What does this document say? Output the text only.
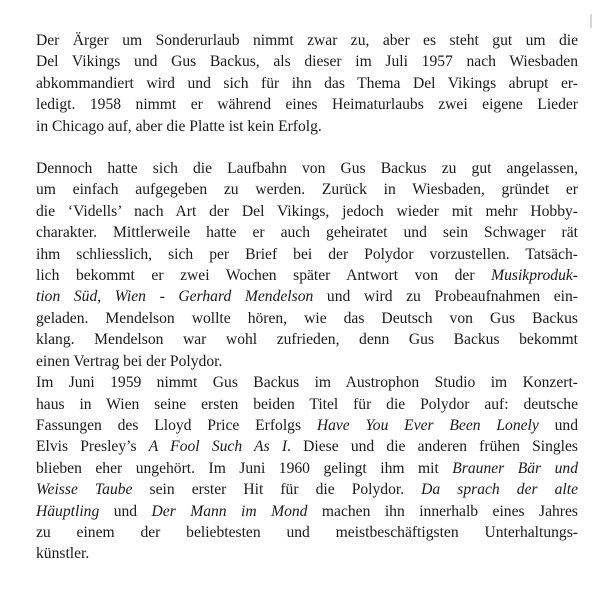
Der Ärger um Sonderurlaub nimmt zwar zu, aber es steht gut um die
Del Vikings und Gus Backus, als dieser im Juli 1957 nach Wiesbaden
abkommandiert wird und sich für ihn das Thema Del Vikings abrupt er-
ledigt. 1958 nimmt er während eines Heimaturlaubs zwei eigene Lieder
in Chicago auf, aber die Platte ist kein Erfolg.

Dennoch hatte sich die Laufbahn von Gus Backus zu gut angelassen,
um einfach aufgegeben zu werden. Zurück in Wiesbaden, gründet er
die ‘Vidells’ nach Art der Del Vikings, jedoch wieder mit mehr Hobby-
charakter. Mittlerweile hatte er auch geheiratet und sein Schwager rät
ihm schliesslich, sich per Brief bei der Polydor vorzustellen. Tatsäch-
lich bekommt er zwei Wochen später Antwort von der Musikproduk-
tion Süd, Wien - Gerhard Mendelson und wird zu Probeaufnahmen ein-
geladen. Mendelson wollte hören, wie das Deutsch von Gus Backus
klang. Mendelson war wohl zufrieden, denn Gus Backus bekommt
einen Vertrag bei der Polydor.

Im Juni 1959 nimmt Gus Backus im Austrophon Studio im Konzert-
haus in Wien seine ersten beiden Titel für die Polydor auf: deutsche
Fassungen des Lloyd Price Erfolgs Have You Ever Been Lonely und
Elvis Presley’s A Fool Such As I. Diese und die anderen frühen Singles
blieben eher ungehört. Im Juni 1960 gelingt ihm mit Brauner Bär und
Weisse Taube sein erster Hit für die Polydor. Da sprach der alte
Häuptling und Der Mann im Mond machen ihn innerhalb eines Jahres
zu einem der beliebtesten und meistbeschäftigsten Unterhaltungs-
künstler.
